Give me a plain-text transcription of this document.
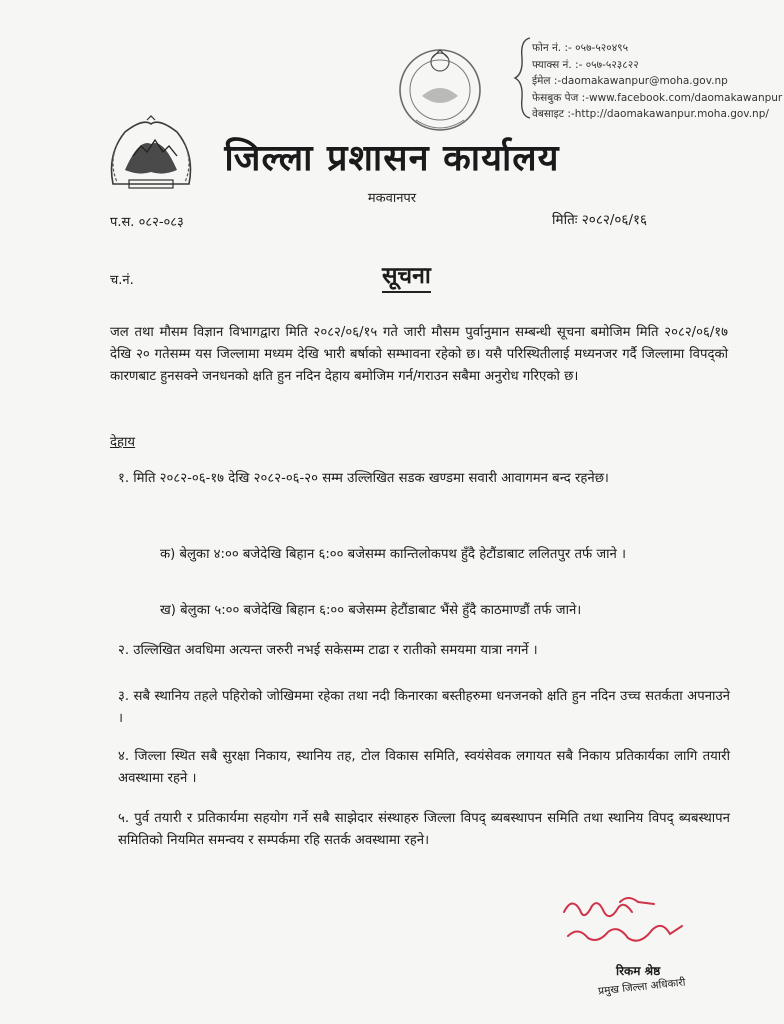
फोन नं. :- ०५७-५२०४९५
फ्याक्स नं. :- ०५७-५२३८२२
ईमेल :-daomakawanpur@moha.gov.np
फेसबुक पेज :-www.facebook.com/daomakawanpur
वेबसाइट :-http://daomakawanpur.moha.gov.np/
जिल्ला प्रशासन कार्यालय
मकवानपर
प.स. ०८२-०८३	मितिः २०८२/०६/१६
च.नं.	सूचना
जल तथा मौसम विज्ञान विभागद्वारा मिति २०८२/०६/१५ गते जारी मौसम पुर्वानुमान सम्बन्धी सूचना बमोजिम मिति २०८२/०६/१७ देखि २० गतेसम्म यस जिल्लामा मध्यम देखि भारी बर्षाको सम्भावना रहेको छ। यसै परिस्थितीलाई मध्यनजर गर्दै जिल्लामा विपद्‌को कारणबाट हुनसक्ने जनधनको क्षति हुन नदिन देहाय बमोजिम गर्न/गराउन सबैमा अनुरोध गरिएको छ।
देहाय
१. मिति २०८२-०६-१७ देखि २०८२-०६-२० सम्म उल्लिखित सडक खण्डमा सवारी आवागमन बन्द रहनेछ।
क) बेलुका ४:०० बजेदेखि बिहान ६:०० बजेसम्म कान्तिलोकपथ हुँदै हेटौंडाबाट ललितपुर तर्फ जाने ।
ख) बेलुका ५:०० बजेदेखि बिहान ६:०० बजेसम्म हेटौंडाबाट भैंसे हुँदै काठमाण्डौं तर्फ जाने।
२. उल्लिखित अवधिमा अत्यन्त जरुरी नभई सकेसम्म टाढा र रातीको समयमा यात्रा नगर्ने ।
३. सबै स्थानिय तहले पहिरोको जोखिममा रहेका तथा नदी किनारका बस्तीहरुमा धनजनको क्षति हुन नदिन उच्च सतर्कता अपनाउने ।
४. जिल्ला स्थित सबै सुरक्षा निकाय, स्थानिय तह, टोल विकास समिति, स्वयंसेवक लगायत सबै निकाय प्रतिकार्यका लागि तयारी अवस्थामा रहने ।
५. पुर्व तयारी र प्रतिकार्यमा सहयोग गर्ने सबै साझेदार संस्थाहरु जिल्ला विपद् ब्यबस्थापन समिति तथा स्थानिय विपद् ब्यबस्थापन समितिको नियमित समन्वय र सम्पर्कमा रहि सतर्क अवस्थामा रहने।
रिकम श्रेष्ठ
प्रमुख जिल्ला अधिकारी
